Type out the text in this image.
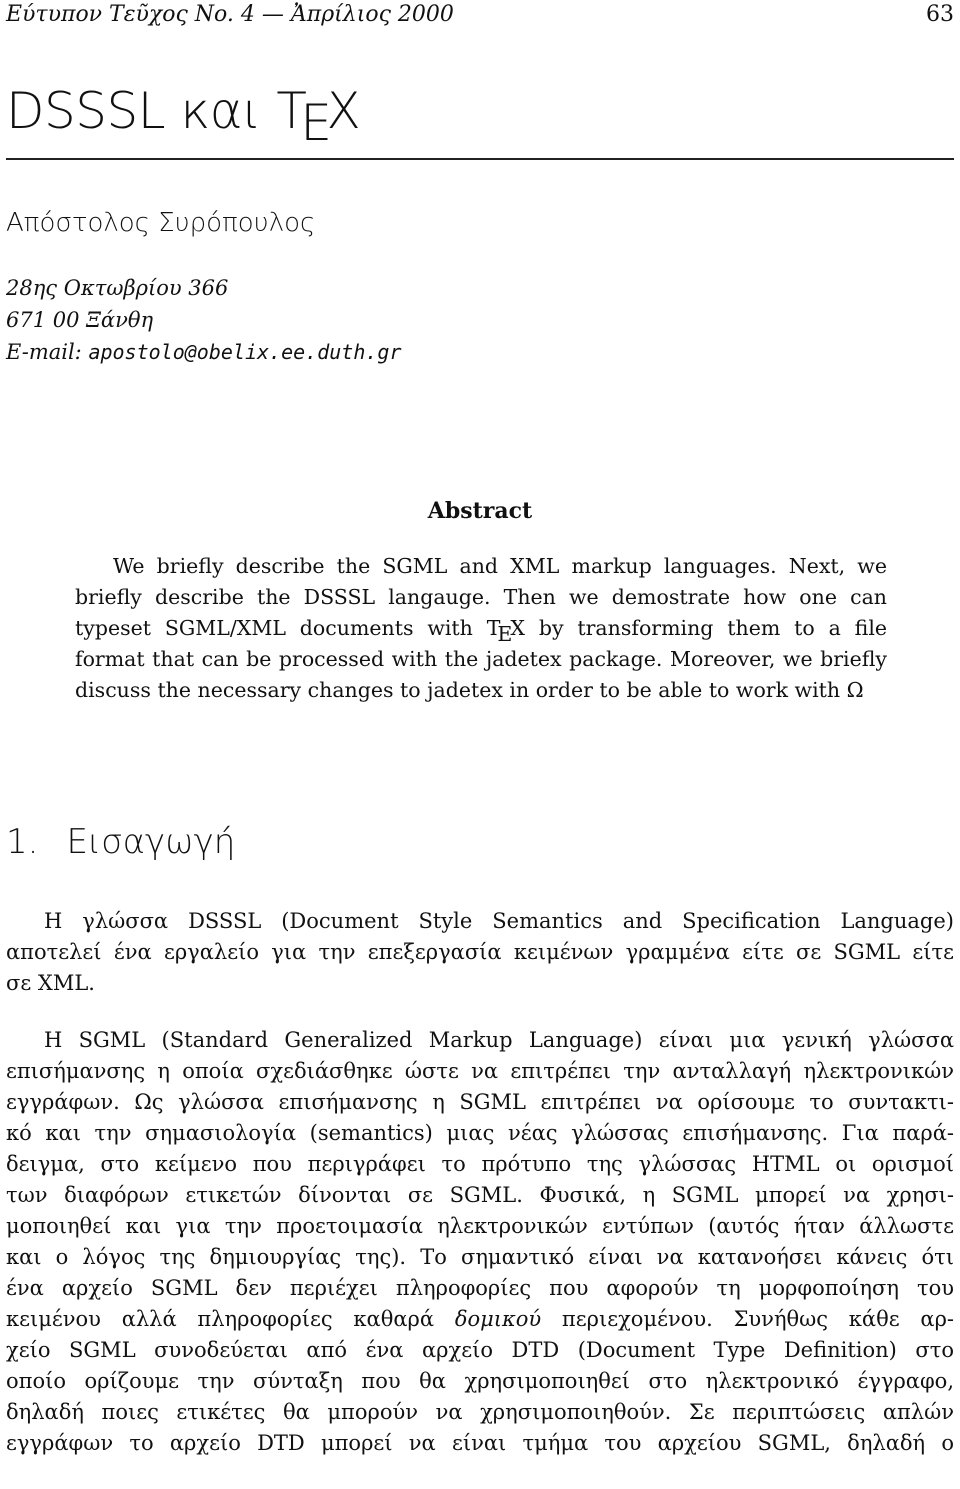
Εύτυπον Τεῦχος No. 4 — Ἀπρίλιος 2000	63
DSSSL και TEX
Απόστολος Συρόπουλος
28ης Οκτωβρίου 366
671 00 Ξάνθη
E-mail: apostolo@obelix.ee.duth.gr
Abstract

We briefly describe the SGML and XML markup languages. Next, we briefly describe the DSSSL langauge. Then we demostrate how one can typeset SGML/XML documents with TEX by transforming them to a file format that can be processed with the jadetex package. Moreover, we briefly discuss the necessary changes to jadetex in order to be able to work with Ω

1. Εισαγωγή
Η γλώσσα DSSSL (Document Style Semantics and Specification Language)
αποτελεί ένα εργαλείο για την επεξεργασία κειμένων γραμμένα είτε σε SGML είτε
σε XML.
Η SGML (Standard Generalized Markup Language) είναι μια γενική γλώσσα
επισήμανσης η οποία σχεδιάσθηκε ώστε να επιτρέπει την ανταλλαγή ηλεκτρονικών
εγγράφων. Ως γλώσσα επισήμανσης η SGML επιτρέπει να ορίσουμε το συντακτι-
κό και την σημασιολογία (semantics) μιας νέας γλώσσας επισήμανσης. Για παρά-
δειγμα, στο κείμενο που περιγράφει το πρότυπο της γλώσσας HTML οι ορισμοί
των διαφόρων ετικετών δίνονται σε SGML. Φυσικά, η SGML μπορεί να χρησι-
μοποιηθεί και για την προετοιμασία ηλεκτρονικών εντύπων (αυτός ήταν άλλωστε
και ο λόγος της δημιουργίας της). Το σημαντικό είναι να κατανοήσει κάνεις ότι
ένα αρχείο SGML δεν περιέχει πληροφορίες που αφορούν τη μορφοποίηση του
κειμένου αλλά πληροφορίες καθαρά δομικού περιεχομένου. Συνήθως κάθε αρ-
χείο SGML συνοδεύεται από ένα αρχείο DTD (Document Type Definition) στο
οποίο ορίζουμε την σύνταξη που θα χρησιμοποιηθεί στο ηλεκτρονικό έγγραφο,
δηλαδή ποιες ετικέτες θα μπορούν να χρησιμοποιηθούν. Σε περιπτώσεις απλών
εγγράφων το αρχείο DTD μπορεί να είναι τμήμα του αρχείου SGML, δηλαδή ο
